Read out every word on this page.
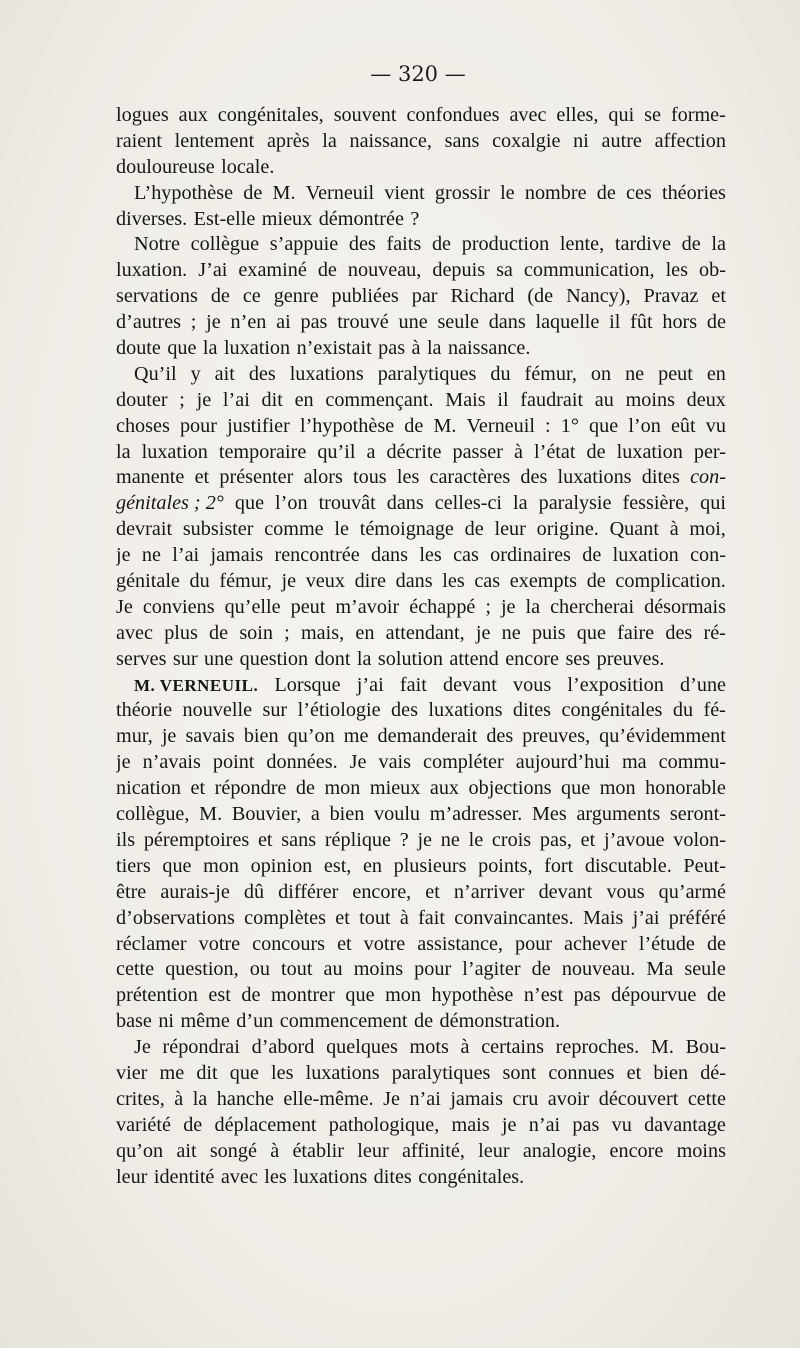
— 320 —
logues aux congénitales, souvent confondues avec elles, qui se forme-
raient lentement après la naissance, sans coxalgie ni autre affection
douloureuse locale.
L’hypothèse de M. Verneuil vient grossir le nombre de ces théories
diverses. Est-elle mieux démontrée ?
Notre collègue s’appuie des faits de production lente, tardive de la
luxation. J’ai examiné de nouveau, depuis sa communication, les ob-
servations de ce genre publiées par Richard (de Nancy), Pravaz et
d’autres ; je n’en ai pas trouvé une seule dans laquelle il fût hors de
doute que la luxation n’existait pas à la naissance.
Qu’il y ait des luxations paralytiques du fémur, on ne peut en
douter ; je l’ai dit en commençant. Mais il faudrait au moins deux
choses pour justifier l’hypothèse de M. Verneuil : 1° que l’on eût vu
la luxation temporaire qu’il a décrite passer à l’état de luxation per-
manente et présenter alors tous les caractères des luxations dites con-
génitales ; 2° que l’on trouvât dans celles-ci la paralysie fessière, qui
devrait subsister comme le témoignage de leur origine. Quant à moi,
je ne l’ai jamais rencontrée dans les cas ordinaires de luxation con-
génitale du fémur, je veux dire dans les cas exempts de complication.
Je conviens qu’elle peut m’avoir échappé ; je la chercherai désormais
avec plus de soin ; mais, en attendant, je ne puis que faire des ré-
serves sur une question dont la solution attend encore ses preuves.
M. VERNEUIL. Lorsque j’ai fait devant vous l’exposition d’une
théorie nouvelle sur l’étiologie des luxations dites congénitales du fé-
mur, je savais bien qu’on me demanderait des preuves, qu’évidemment
je n’avais point données. Je vais compléter aujourd’hui ma commu-
nication et répondre de mon mieux aux objections que mon honorable
collègue, M. Bouvier, a bien voulu m’adresser. Mes arguments seront-
ils péremptoires et sans réplique ? je ne le crois pas, et j’avoue volon-
tiers que mon opinion est, en plusieurs points, fort discutable. Peut-
être aurais-je dû différer encore, et n’arriver devant vous qu’armé
d’observations complètes et tout à fait convaincantes. Mais j’ai préféré
réclamer votre concours et votre assistance, pour achever l’étude de
cette question, ou tout au moins pour l’agiter de nouveau. Ma seule
prétention est de montrer que mon hypothèse n’est pas dépourvue de
base ni même d’un commencement de démonstration.
Je répondrai d’abord quelques mots à certains reproches. M. Bou-
vier me dit que les luxations paralytiques sont connues et bien dé-
crites, à la hanche elle-même. Je n’ai jamais cru avoir découvert cette
variété de déplacement pathologique, mais je n’ai pas vu davantage
qu’on ait songé à établir leur affinité, leur analogie, encore moins
leur identité avec les luxations dites congénitales.
